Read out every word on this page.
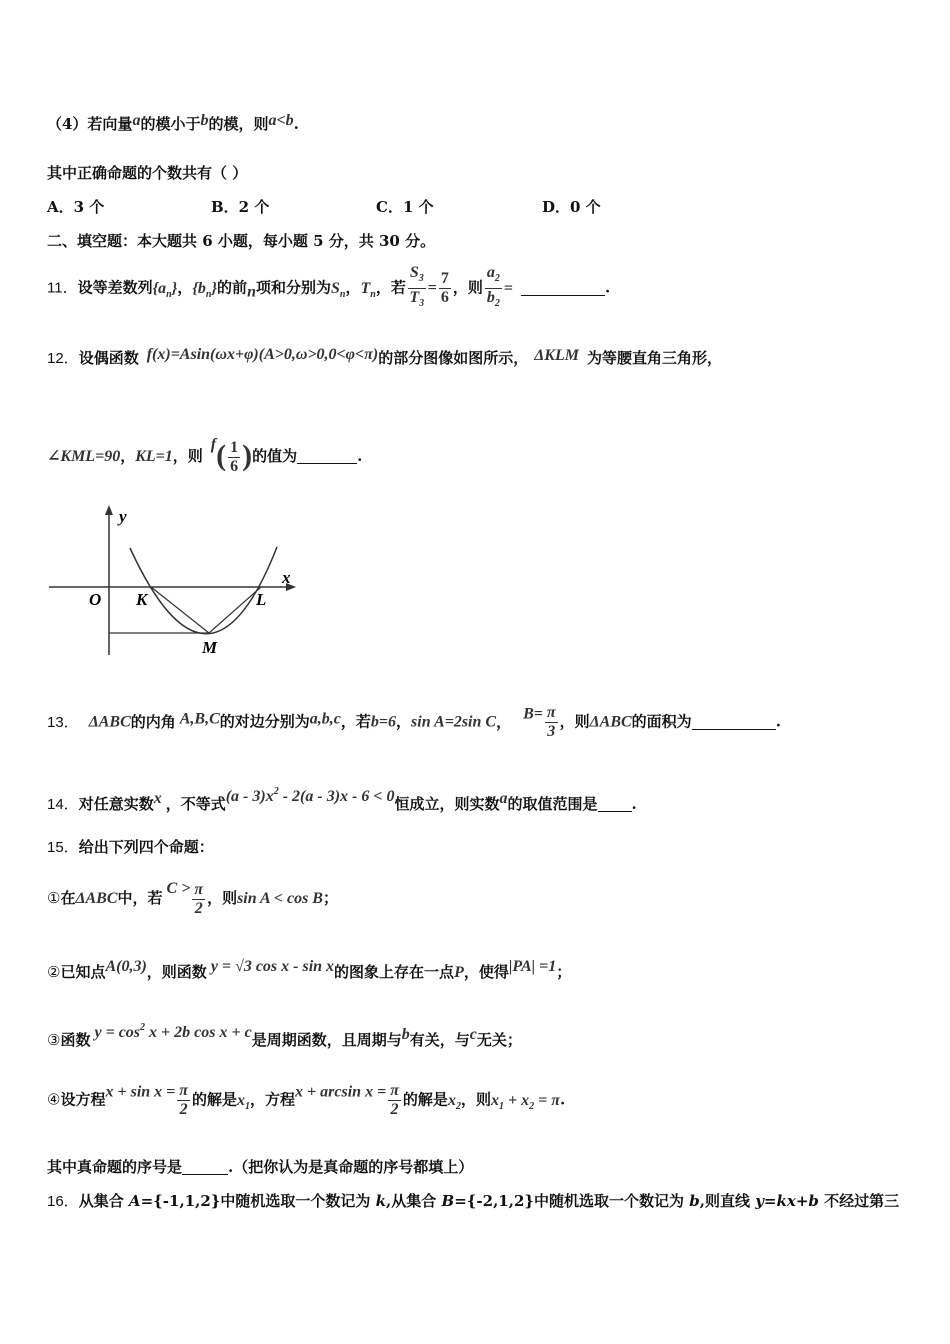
（4）若向量a的模小于b的模，则a<b.
其中正确命题的个数共有（ ）
A．3 个	B．2 个	C．1 个	D．0 个
二、填空题：本大题共 6 小题，每小题 5 分，共 30 分。
11．设等差数列$\{a_n\}$，$\{b_n\}$的前n项和分别为$S_n$，$T_n$，若 $\frac{S_3}{T_3} = \frac{7}{6}$ ，则 $\frac{a_2}{b_2}$ =	.
12．设偶函数 f(x)=Asin(ωx+φ)(A>0,ω>0,0<φ<π)的部分图像如图所示， ΔKLM 为等腰直角三角形，
∠KML=90，KL=1，则$f( \frac{1}{6}$ )的值为	.
y
x
O K	L
M
13． ΔABC的内角 A,B,C的对边分别为a,b,c，若b=6，sin A=2sin C， $B= \frac{\pi}{3}$ ，则ΔABC的面积为	.
14．对任意实数x ，不等式$(a - 3)x^2 - 2(a - 3)x - 6 < 0$恒成立，则实数a的取值范围是 .
15．给出下列四个命题：
①在ΔABC中，若$C > \frac{\pi}{2}$ ，则sin A < cos B；
②已知点A(0,3)，则函数 y = √3 cos x - sin x的图象上存在一点P，使得|PA| =1；
③函数 $y = \cos^2 x + 2b$ cos x + c是周期函数，且周期与b有关，与c无关；
④设方程$x + \sin x = \frac{\pi}{2}$ 的解是$x_1$，方程$x + \arcsin x = \frac{\pi}{2}$ 的解是$x_2$，则$x_1 + x_2 = \pi$.
其中真命题的序号是	.（把你认为是真命题的序号都填上）
16．从集合 A={-1,1,2}中随机选取一个数记为 k,从集合 B={-2,1,2}中随机选取一个数记为 b,则直线 y=kx+b 不经过第三
